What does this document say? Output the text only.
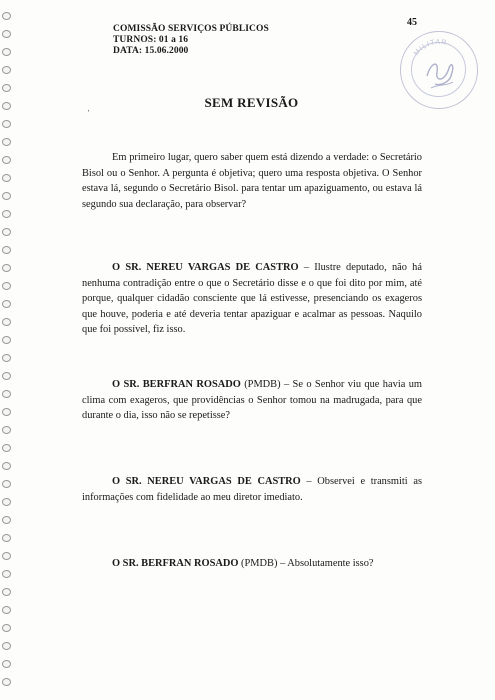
COMISSÃO SERVIÇOS PÚBLICOS
TURNOS: 01 a 16
DATA: 15.06.2000
45
MILITAR
SEM REVISÃO
ˌ

Em primeiro lugar, quero saber quem está dizendo a verdade: o Secretário Bisol ou o Senhor. A pergunta é objetiva; quero uma resposta objetiva. O Senhor estava lá, segundo o Secretário Bisol. para tentar um apaziguamento, ou estava lá segundo sua declaração, para observar?

O SR. NEREU VARGAS DE CASTRO – Ilustre deputado, não há nenhuma contradição entre o que o Secretário disse e o que foi dito por mim, até porque, qualquer cidadão consciente que lá estivesse, presenciando os exageros que houve, poderia e até deveria tentar apaziguar e acalmar as pessoas. Naquilo que foi possível, fiz isso.

O SR. BERFRAN ROSADO (PMDB) – Se o Senhor viu que havia um clima com exageros, que providências o Senhor tomou na madrugada, para que durante o dia, isso não se repetisse?

O SR. NEREU VARGAS DE CASTRO – Observei e transmiti as informações com fidelidade ao meu diretor imediato.

O SR. BERFRAN ROSADO (PMDB) – Absolutamente isso?
